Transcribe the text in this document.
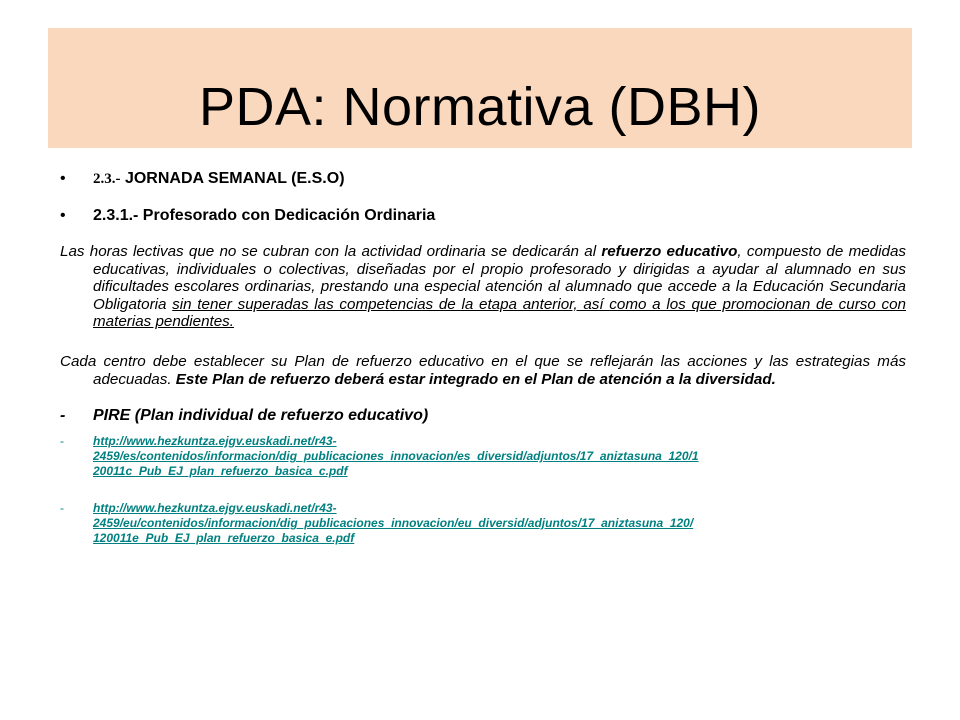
PDA: Normativa (DBH)
• 2.3.- JORNADA SEMANAL (E.S.O)
• 2.3.1.- Profesorado con Dedicación Ordinaria
Las horas lectivas que no se cubran con la actividad ordinaria se dedicarán al refuerzo educativo, compuesto de medidas educativas, individuales o colectivas, diseñadas por el propio profesorado y dirigidas a ayudar al alumnado en sus dificultades escolares ordinarias, prestando una especial atención al alumnado que accede a la Educación Secundaria Obligatoria sin tener superadas las competencias de la etapa anterior, así como a los que promocionan de curso con materias pendientes.
Cada centro debe establecer su Plan de refuerzo educativo en el que se reflejarán las acciones y las estrategias más adecuadas. Este Plan de refuerzo deberá estar integrado en el Plan de atención a la diversidad.
- PIRE (Plan individual de refuerzo educativo)
- http://www.hezkuntza.ejgv.euskadi.net/r43-
2459/es/contenidos/informacion/dig_publicaciones_innovacion/es_diversid/adjuntos/17_aniztasuna_120/1
20011c_Pub_EJ_plan_refuerzo_basica_c.pdf
- http://www.hezkuntza.ejgv.euskadi.net/r43-
2459/eu/contenidos/informacion/dig_publicaciones_innovacion/eu_diversid/adjuntos/17_aniztasuna_120/
120011e_Pub_EJ_plan_refuerzo_basica_e.pdf
